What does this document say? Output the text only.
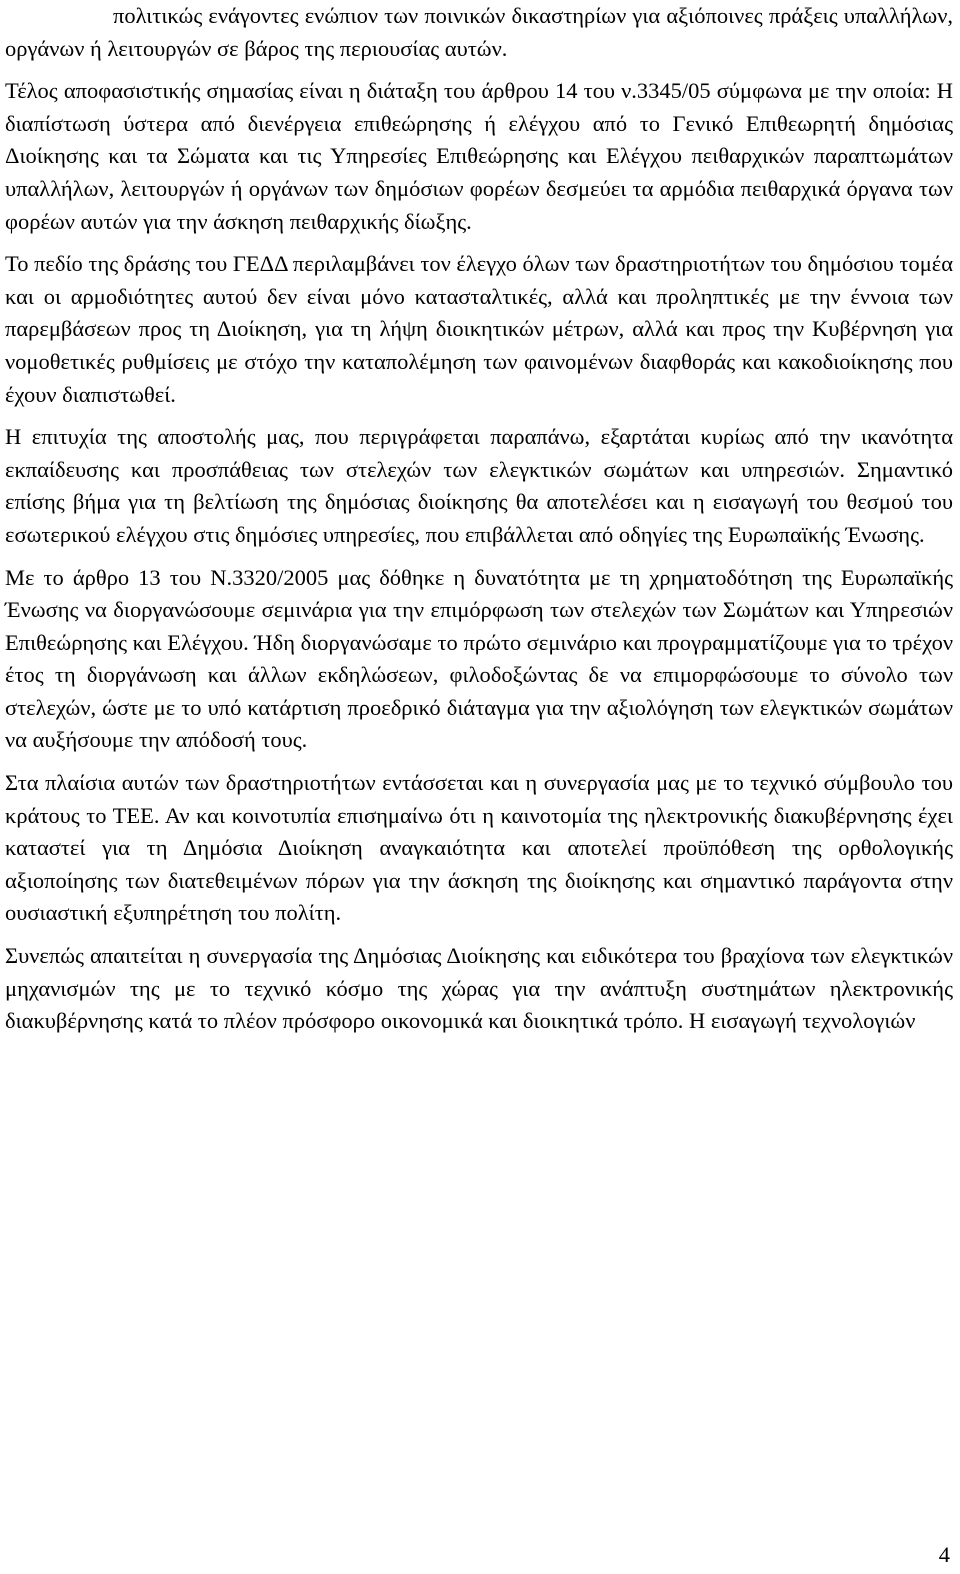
πολιτικώς ενάγοντες ενώπιον των ποινικών δικαστηρίων για αξιόποινες πράξεις υπαλλήλων, οργάνων ή λειτουργών σε βάρος της περιουσίας αυτών.

Τέλος αποφασιστικής σημασίας είναι η διάταξη του άρθρου 14 του ν.3345/05 σύμφωνα με την οποία: Η διαπίστωση ύστερα από διενέργεια επιθεώρησης ή ελέγχου από το Γενικό Επιθεωρητή δημόσιας Διοίκησης και τα Σώματα και τις Υπηρεσίες Επιθεώρησης και Ελέγχου πειθαρχικών παραπτωμάτων υπαλλήλων, λειτουργών ή οργάνων των δημόσιων φορέων δεσμεύει τα αρμόδια πειθαρχικά όργανα των φορέων αυτών για την άσκηση πειθαρχικής δίωξης.

Το πεδίο της δράσης του ΓΕΔΔ περιλαμβάνει τον έλεγχο όλων των δραστηριοτήτων του δημόσιου τομέα και οι αρμοδιότητες αυτού δεν είναι μόνο κατασταλτικές, αλλά και προληπτικές με την έννοια των παρεμβάσεων προς τη Διοίκηση, για τη λήψη διοικητικών μέτρων, αλλά και προς την Κυβέρνηση για νομοθετικές ρυθμίσεις με στόχο την καταπολέμηση των φαινομένων διαφθοράς και κακοδιοίκησης που έχουν διαπιστωθεί.

Η επιτυχία της αποστολής μας, που περιγράφεται παραπάνω, εξαρτάται κυρίως από την ικανότητα εκπαίδευσης και προσπάθειας των στελεχών των ελεγκτικών σωμάτων και υπηρεσιών. Σημαντικό επίσης βήμα για τη βελτίωση της δημόσιας διοίκησης θα αποτελέσει και η εισαγωγή του θεσμού του εσωτερικού ελέγχου στις δημόσιες υπηρεσίες, που επιβάλλεται από οδηγίες της Ευρωπαϊκής Ένωσης.

Με το άρθρο 13 του Ν.3320/2005 μας δόθηκε η δυνατότητα με τη χρηματοδότηση της Ευρωπαϊκής Ένωσης να διοργανώσουμε σεμινάρια για την επιμόρφωση των στελεχών των Σωμάτων και Υπηρεσιών Επιθεώρησης και Ελέγχου. Ήδη διοργανώσαμε το πρώτο σεμινάριο και προγραμματίζουμε για το τρέχον έτος τη διοργάνωση και άλλων εκδηλώσεων, φιλοδοξώντας δε να επιμορφώσουμε το σύνολο των στελεχών, ώστε με το υπό κατάρτιση προεδρικό διάταγμα για την αξιολόγηση των ελεγκτικών σωμάτων να αυξήσουμε την απόδοσή τους.

Στα πλαίσια αυτών των δραστηριοτήτων εντάσσεται και η συνεργασία μας με το τεχνικό σύμβουλο του κράτους το ΤΕΕ. Αν και κοινοτυπία επισημαίνω ότι η καινοτομία της ηλεκτρονικής διακυβέρνησης έχει καταστεί για τη Δημόσια Διοίκηση αναγκαιότητα και αποτελεί προϋπόθεση της ορθολογικής αξιοποίησης των διατεθειμένων πόρων για την άσκηση της διοίκησης και σημαντικό παράγοντα στην ουσιαστική εξυπηρέτηση του πολίτη.

Συνεπώς απαιτείται η συνεργασία της Δημόσιας Διοίκησης και ειδικότερα του βραχίονα των ελεγκτικών μηχανισμών της με το τεχνικό κόσμο της χώρας για την ανάπτυξη συστημάτων ηλεκτρονικής διακυβέρνησης κατά το πλέον πρόσφορο οικονομικά και διοικητικά τρόπο. Η εισαγωγή τεχνολογιών

4
